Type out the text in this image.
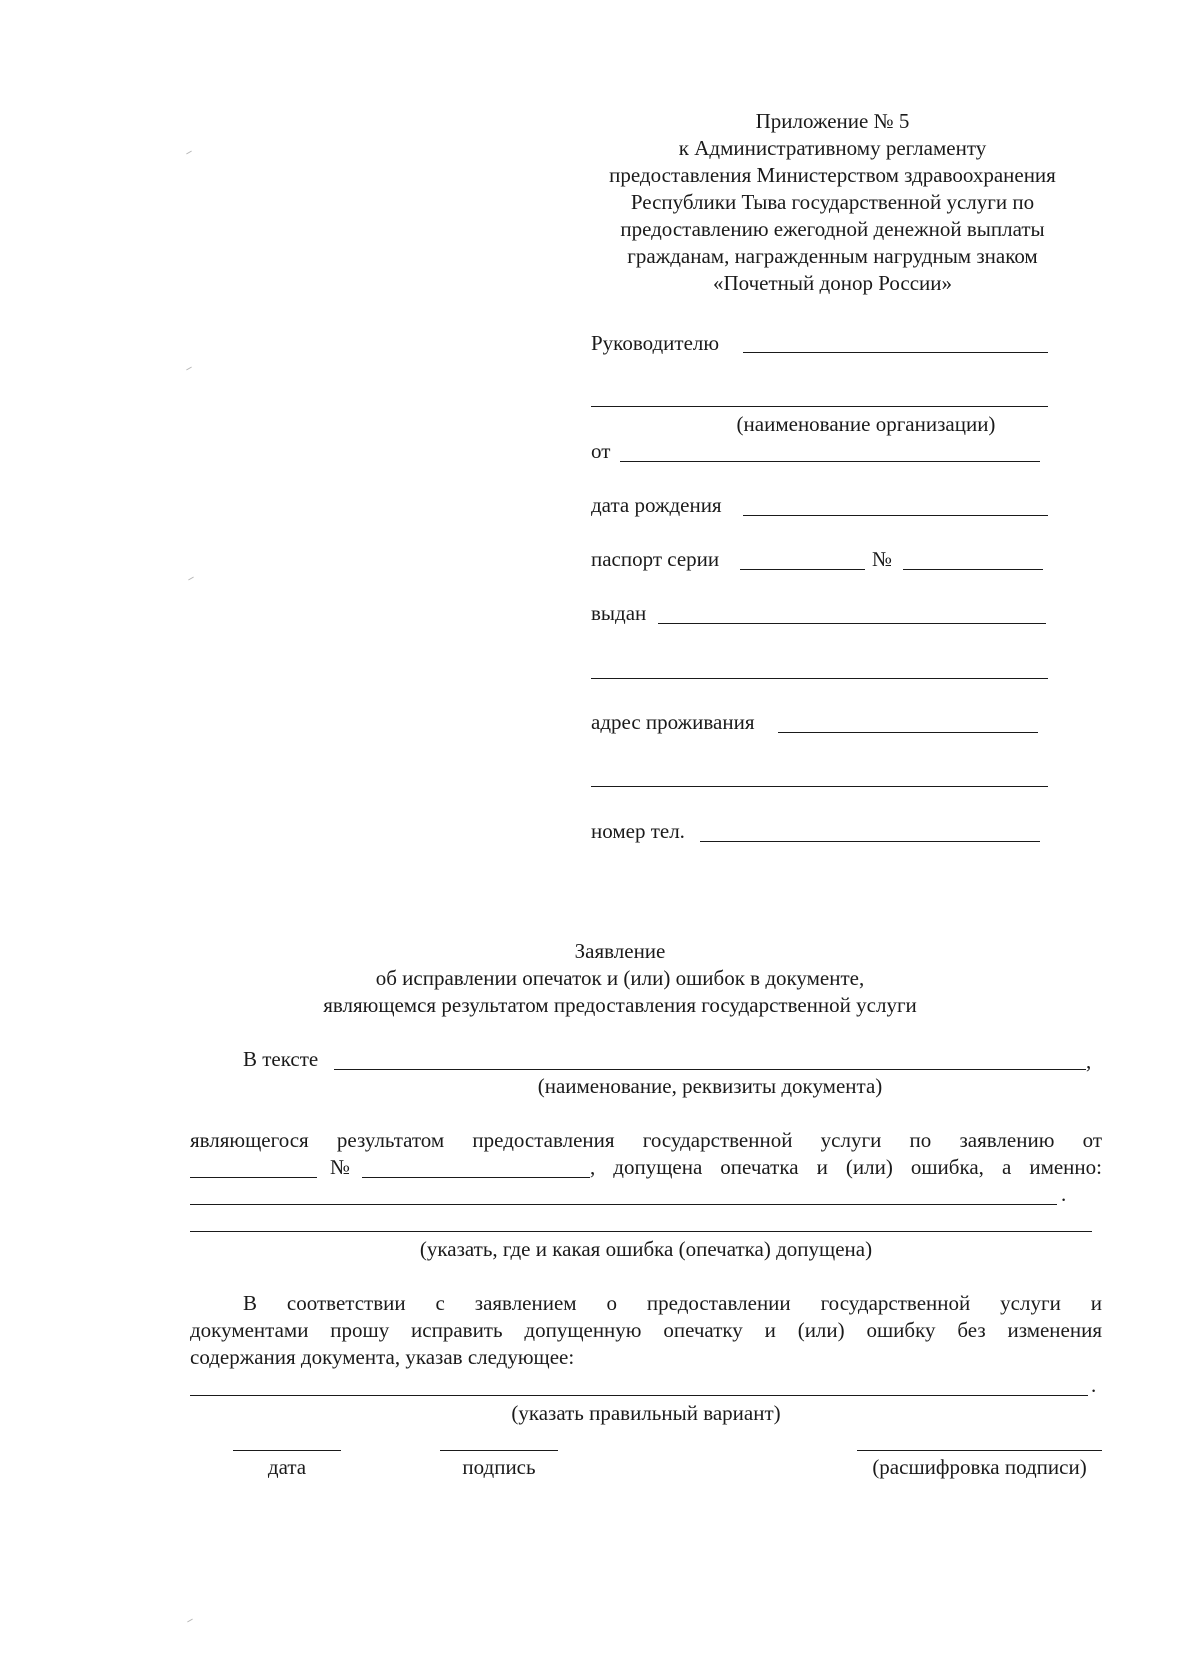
Приложение № 5
к Административному регламенту
предоставления Министерством здравоохранения
Республики Тыва государственной услуги по
предоставлению ежегодной денежной выплаты
гражданам, награжденным нагрудным знаком
«Почетный донор России»
Руководителю
(наименование организации)
от
дата рождения
паспорт серии	№
выдан
адрес проживания
номер тел.
Заявление
об исправлении опечаток и (или) ошибок в документе,
являющемся результатом предоставления государственной услуги
В тексте	,
(наименование, реквизиты документа)
являющегося результатом предоставления государственной услуги по заявлению от
№	, допущена опечатка и (или) ошибка, а именно:
.
(указать, где и какая ошибка (опечатка) допущена)
В соответствии с заявлением о предоставлении государственной услуги и
документами прошу исправить допущенную опечатку и (или) ошибку без изменения
содержания документа, указав следующее:
.
(указать правильный вариант)
дата	подпись	(расшифровка подписи)
